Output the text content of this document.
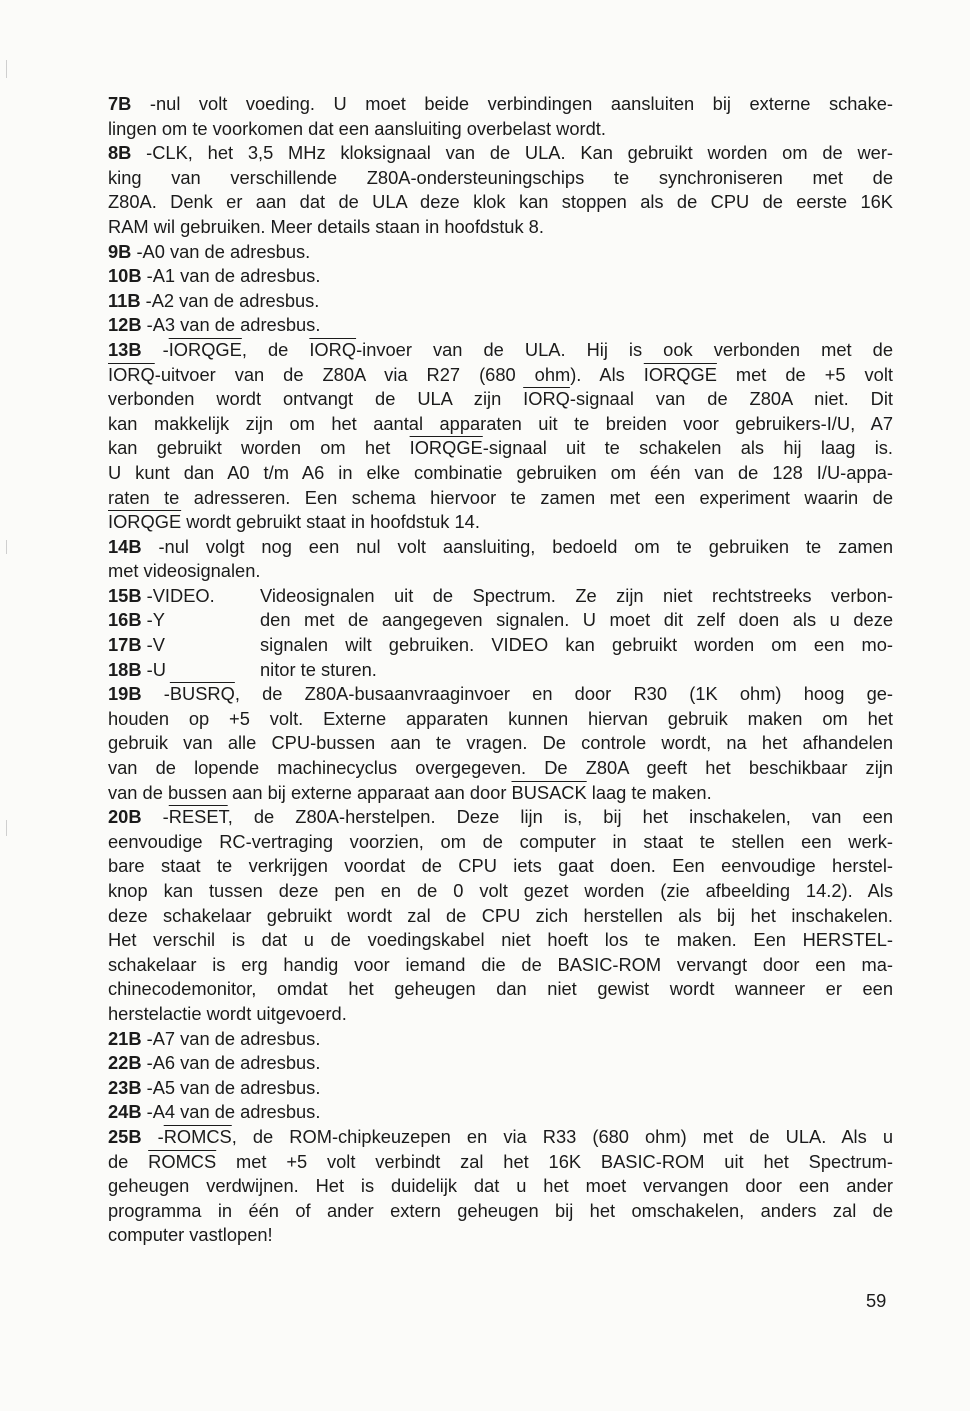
7B -nul volt voeding. U moet beide verbindingen aansluiten bij externe schake-
lingen om te voorkomen dat een aansluiting overbelast wordt.
8B -CLK, het 3,5 MHz kloksignaal van de ULA. Kan gebruikt worden om de wer-
king van verschillende Z80A-ondersteuningschips te synchroniseren met de
Z80A. Denk er aan dat de ULA deze klok kan stoppen als de CPU de eerste 16K
RAM wil gebruiken. Meer details staan in hoofdstuk 8.
9B -A0 van de adresbus.
10B -A1 van de adresbus.
11B -A2 van de adresbus.
12B -A3 van de adresbus.
13B -IORQGE, de IORQ-invoer van de ULA. Hij is ook verbonden met de
IORQ-uitvoer van de Z80A via R27 (680 ohm). Als IORQGE met de +5 volt
verbonden wordt ontvangt de ULA zijn IORQ-signaal van de Z80A niet. Dit
kan makkelijk zijn om het aantal apparaten uit te breiden voor gebruikers-I/U, A7
kan gebruikt worden om het IORQGE-signaal uit te schakelen als hij laag is.
U kunt dan A0 t/m A6 in elke combinatie gebruiken om één van de 128 I/U-appa-
raten te adresseren. Een schema hiervoor te zamen met een experiment waarin de
IORQGE wordt gebruikt staat in hoofdstuk 14.
14B -nul volgt nog een nul volt aansluiting, bedoeld om te gebruiken te zamen
met videosignalen.
15B -VIDEO.	Videosignalen uit de Spectrum. Ze zijn niet rechtstreeks verbon-
16B -Y	den met de aangegeven signalen. U moet dit zelf doen als u deze
17B -V	signalen wilt gebruiken. VIDEO kan gebruikt worden om een mo-
18B -U	nitor te sturen.
19B -BUSRQ, de Z80A-busaanvraaginvoer en door R30 (1K ohm) hoog ge-
houden op +5 volt. Externe apparaten kunnen hiervan gebruik maken om het
gebruik van alle CPU-bussen aan te vragen. De controle wordt, na het afhandelen
van de lopende machinecyclus overgegeven. De Z80A geeft het beschikbaar zijn
van de bussen aan bij externe apparaat aan door BUSACK laag te maken.
20B -RESET, de Z80A-herstelpen. Deze lijn is, bij het inschakelen, van een
eenvoudige RC-vertraging voorzien, om de computer in staat te stellen een werk-
bare staat te verkrijgen voordat de CPU iets gaat doen. Een eenvoudige herstel-
knop kan tussen deze pen en de 0 volt gezet worden (zie afbeelding 14.2). Als
deze schakelaar gebruikt wordt zal de CPU zich herstellen als bij het inschakelen.
Het verschil is dat u de voedingskabel niet hoeft los te maken. Een HERSTEL-
schakelaar is erg handig voor iemand die de BASIC-ROM vervangt door een ma-
chinecodemonitor, omdat het geheugen dan niet gewist wordt wanneer er een
herstelactie wordt uitgevoerd.
21B -A7 van de adresbus.
22B -A6 van de adresbus.
23B -A5 van de adresbus.
24B -A4 van de adresbus.
25B -ROMCS, de ROM-chipkeuzepen en via R33 (680 ohm) met de ULA. Als u
de ROMCS met +5 volt verbindt zal het 16K BASIC-ROM uit het Spectrum-
geheugen verdwijnen. Het is duidelijk dat u het moet vervangen door een ander
programma in één of ander extern geheugen bij het omschakelen, anders zal de
computer vastlopen!
59
